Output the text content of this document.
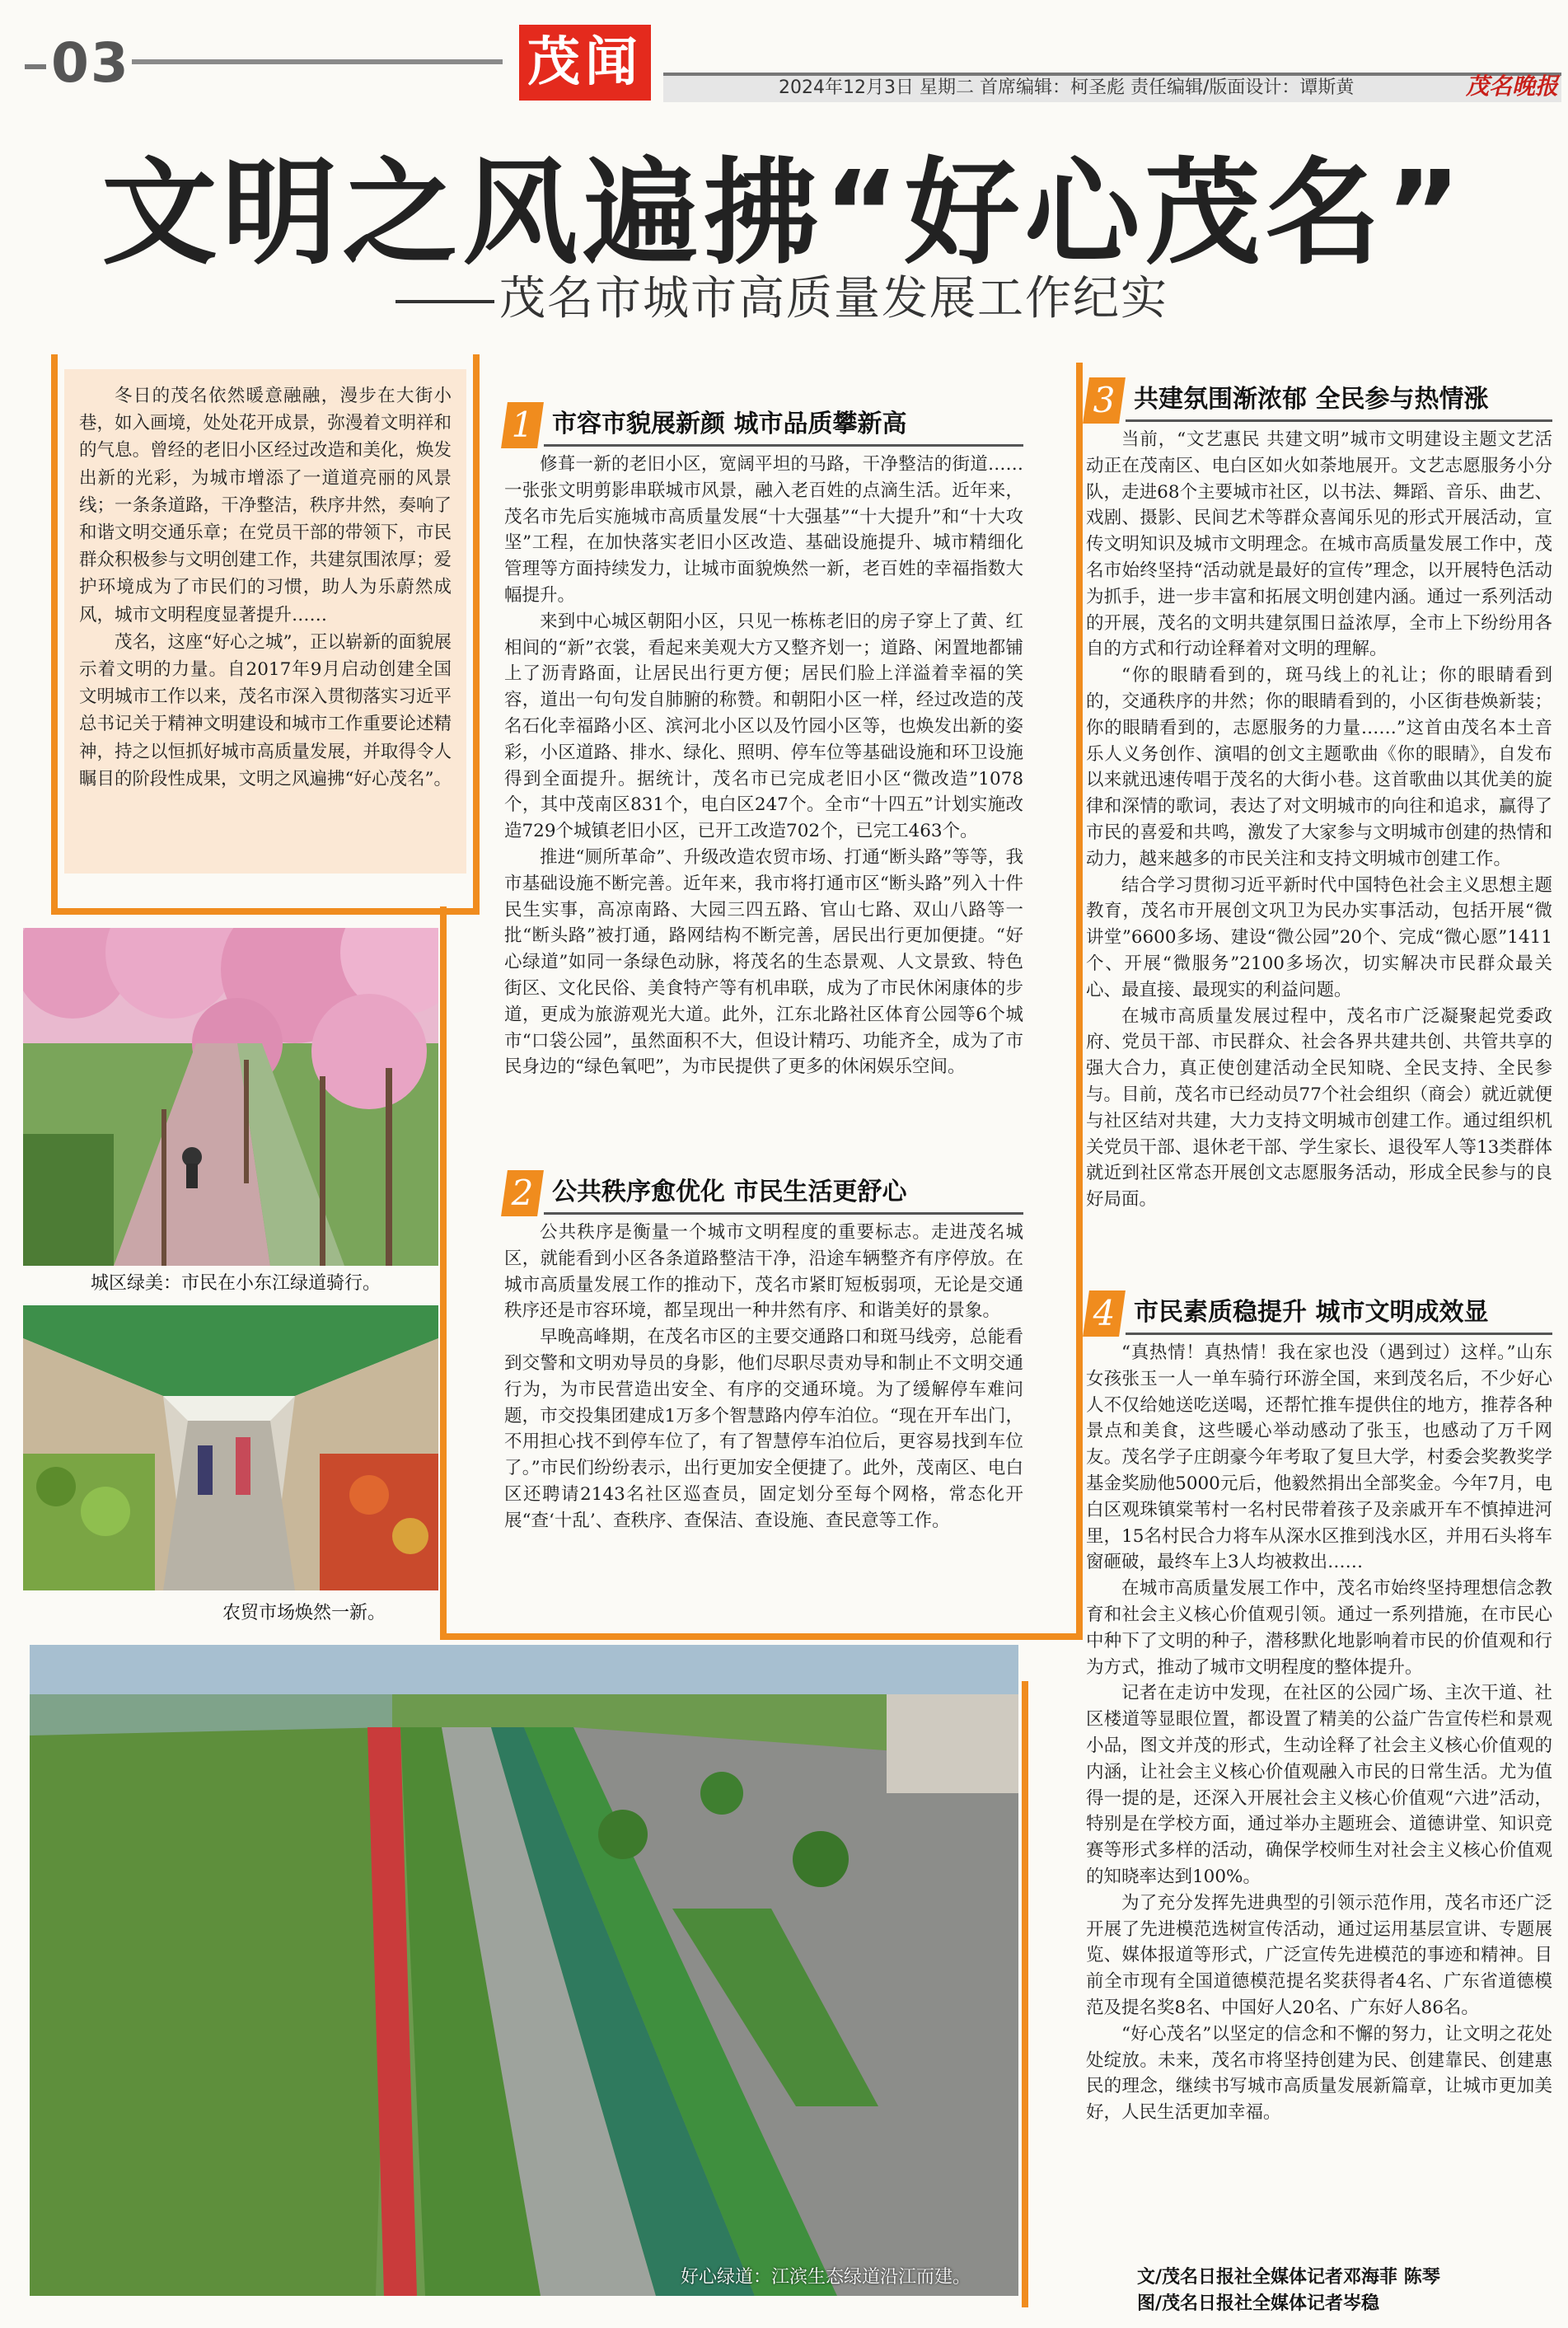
03	茂闻	2024年12月3日 星期二 首席编辑：柯圣彪 责任编辑/版面设计：谭斯黄	茂名晚报
文明之风遍拂“好心茂名”
茂名市城市高质量发展工作纪实

冬日的茂名依然暖意融融，漫步在大街小巷，如入画境，处处花开成景，弥漫着文明祥和的气息。曾经的老旧小区经过改造和美化，焕发出新的光彩，为城市增添了一道道亮丽的风景线；一条条道路，干净整洁，秩序井然，奏响了和谐文明交通乐章；在党员干部的带领下，市民群众积极参与文明创建工作，共建氛围浓厚；爱护环境成为了市民们的习惯，助人为乐蔚然成风，城市文明程度显著提升……

茂名，这座“好心之城”，正以崭新的面貌展示着文明的力量。自2017年9月启动创建全国文明城市工作以来，茂名市深入贯彻落实习近平总书记关于精神文明建设和城市工作重要论述精神，持之以恒抓好城市高质量发展，并取得令人瞩目的阶段性成果，文明之风遍拂“好心茂名”。

1 市容市貌展新颜 城市品质攀新高

修葺一新的老旧小区，宽阔平坦的马路，干净整洁的街道……一张张文明剪影串联城市风景，融入老百姓的点滴生活。近年来，茂名市先后实施城市高质量发展“十大强基”“十大提升”和“十大攻坚”工程，在加快落实老旧小区改造、基础设施提升、城市精细化管理等方面持续发力，让城市面貌焕然一新，老百姓的幸福指数大幅提升。

来到中心城区朝阳小区，只见一栋栋老旧的房子穿上了黄、红相间的“新”衣裳，看起来美观大方又整齐划一；道路、闲置地都铺上了沥青路面，让居民出行更方便；居民们脸上洋溢着幸福的笑容，道出一句句发自肺腑的称赞。和朝阳小区一样，经过改造的茂名石化幸福路小区、滨河北小区以及竹园小区等，也焕发出新的姿彩，小区道路、排水、绿化、照明、停车位等基础设施和环卫设施得到全面提升。据统计，茂名市已完成老旧小区“微改造”1078个，其中茂南区831个，电白区247个。全市“十四五”计划实施改造729个城镇老旧小区，已开工改造702个，已完工463个。

推进“厕所革命”、升级改造农贸市场、打通“断头路”等等，我市基础设施不断完善。近年来，我市将打通市区“断头路”列入十件民生实事，高凉南路、大园三四五路、官山七路、双山八路等一批“断头路”被打通，路网结构不断完善，居民出行更加便捷。“好心绿道”如同一条绿色动脉，将茂名的生态景观、人文景致、特色街区、文化民俗、美食特产等有机串联，成为了市民休闲康体的步道，更成为旅游观光大道。此外，江东北路社区体育公园等6个城市“口袋公园”，虽然面积不大，但设计精巧、功能齐全，成为了市民身边的“绿色氧吧”，为市民提供了更多的休闲娱乐空间。

2 公共秩序愈优化 市民生活更舒心

公共秩序是衡量一个城市文明程度的重要标志。走进茂名城区，就能看到小区各条道路整洁干净，沿途车辆整齐有序停放。在城市高质量发展工作的推动下，茂名市紧盯短板弱项，无论是交通秩序还是市容环境，都呈现出一种井然有序、和谐美好的景象。

早晚高峰期，在茂名市区的主要交通路口和斑马线旁，总能看到交警和文明劝导员的身影，他们尽职尽责劝导和制止不文明交通行为，为市民营造出安全、有序的交通环境。为了缓解停车难问题，市交投集团建成1万多个智慧路内停车泊位。“现在开车出门，不用担心找不到停车位了，有了智慧停车泊位后，更容易找到车位了。”市民们纷纷表示，出行更加安全便捷了。此外，茂南区、电白区还聘请2143名社区巡查员，固定划分至每个网格，常态化开展“查‘十乱’、查秩序、查保洁、查设施、查民意等工作。

3 共建氛围渐浓郁 全民参与热情涨

当前，“文艺惠民 共建文明”城市文明建设主题文艺活动正在茂南区、电白区如火如荼地展开。文艺志愿服务小分队，走进68个主要城市社区，以书法、舞蹈、音乐、曲艺、戏剧、摄影、民间艺术等群众喜闻乐见的形式开展活动，宣传文明知识及城市文明理念。在城市高质量发展工作中，茂名市始终坚持“活动就是最好的宣传”理念，以开展特色活动为抓手，进一步丰富和拓展文明创建内涵。通过一系列活动的开展，茂名的文明共建氛围日益浓厚，全市上下纷纷用各自的方式和行动诠释着对文明的理解。

“你的眼睛看到的，斑马线上的礼让；你的眼睛看到的，交通秩序的井然；你的眼睛看到的，小区街巷焕新装；你的眼睛看到的，志愿服务的力量……”这首由茂名本土音乐人义务创作、演唱的创文主题歌曲《你的眼睛》，自发布以来就迅速传唱于茂名的大街小巷。这首歌曲以其优美的旋律和深情的歌词，表达了对文明城市的向往和追求，赢得了市民的喜爱和共鸣，激发了大家参与文明城市创建的热情和动力，越来越多的市民关注和支持文明城市创建工作。

结合学习贯彻习近平新时代中国特色社会主义思想主题教育，茂名市开展创文巩卫为民办实事活动，包括开展“微讲堂”6600多场、建设“微公园”20个、完成“微心愿”1411个、开展“微服务”2100多场次，切实解决市民群众最关心、最直接、最现实的利益问题。

在城市高质量发展过程中，茂名市广泛凝聚起党委政府、党员干部、市民群众、社会各界共建共创、共管共享的强大合力，真正使创建活动全民知晓、全民支持、全民参与。目前，茂名市已经动员77个社会组织（商会）就近就便与社区结对共建，大力支持文明城市创建工作。通过组织机关党员干部、退休老干部、学生家长、退役军人等13类群体就近到社区常态开展创文志愿服务活动，形成全民参与的良好局面。

4 市民素质稳提升 城市文明成效显

“真热情！真热情！我在家也没（遇到过）这样。”山东女孩张玉一人一单车骑行环游全国，来到茂名后，不少好心人不仅给她送吃送喝，还帮忙推车提供住的地方，推荐各种景点和美食，这些暖心举动感动了张玉，也感动了万千网友。茂名学子庄朗豪今年考取了复旦大学，村委会奖教奖学基金奖励他5000元后，他毅然捐出全部奖金。今年7月，电白区观珠镇棠苇村一名村民带着孩子及亲戚开车不慎掉进河里，15名村民合力将车从深水区推到浅水区，并用石头将车窗砸破，最终车上3人均被救出……

在城市高质量发展工作中，茂名市始终坚持理想信念教育和社会主义核心价值观引领。通过一系列措施，在市民心中种下了文明的种子，潜移默化地影响着市民的价值观和行为方式，推动了城市文明程度的整体提升。

记者在走访中发现，在社区的公园广场、主次干道、社区楼道等显眼位置，都设置了精美的公益广告宣传栏和景观小品，图文并茂的形式，生动诠释了社会主义核心价值观的内涵，让社会主义核心价值观融入市民的日常生活。尤为值得一提的是，还深入开展社会主义核心价值观“六进”活动，特别是在学校方面，通过举办主题班会、道德讲堂、知识竞赛等形式多样的活动，确保学校师生对社会主义核心价值观的知晓率达到100%。

为了充分发挥先进典型的引领示范作用，茂名市还广泛开展了先进模范选树宣传活动，通过运用基层宣讲、专题展览、媒体报道等形式，广泛宣传先进模范的事迹和精神。目前全市现有全国道德模范提名奖获得者4名、广东省道德模范及提名奖8名、中国好人20名、广东好人86名。

“好心茂名”以坚定的信念和不懈的努力，让文明之花处处绽放。未来，茂名市将坚持创建为民、创建靠民、创建惠民的理念，继续书写城市高质量发展新篇章，让城市更加美好，人民生活更加幸福。

城区绿美：市民在小东江绿道骑行。
农贸市场焕然一新。
好心绿道：江滨生态绿道沿江而建。	文/茂名日报社全媒体记者邓海菲 陈琴
图/茂名日报社全媒体记者岑稳
